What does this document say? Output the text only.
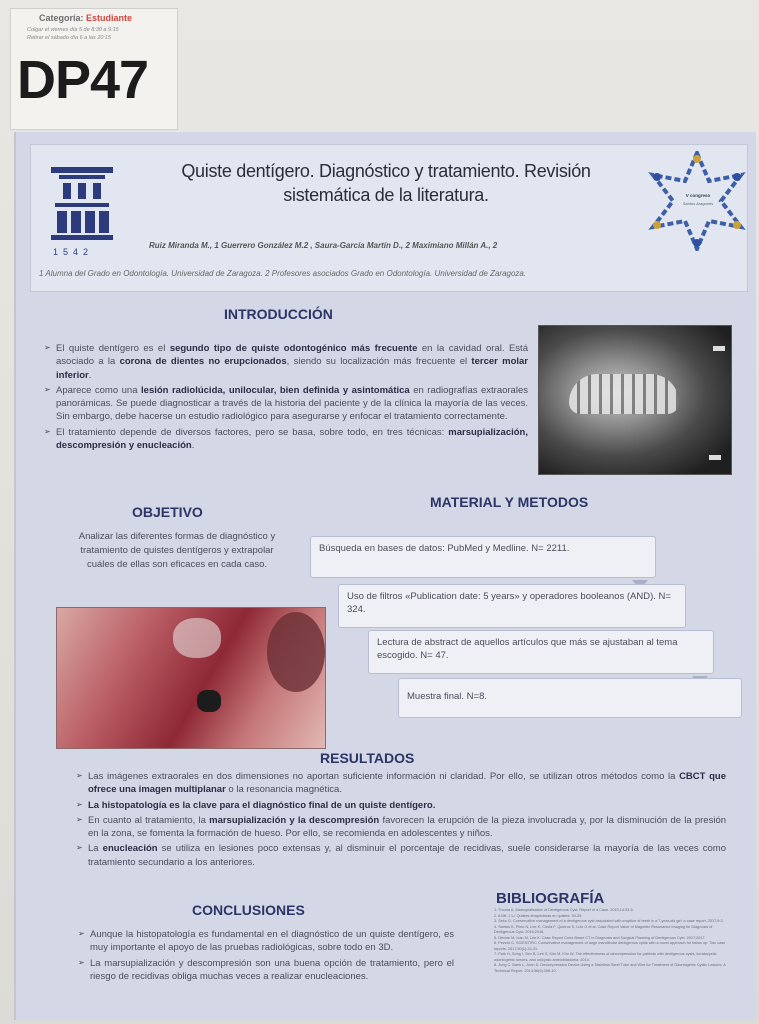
Categoría: Estudiante
Colgar el viernes día 5 de 8:30 a 9:15
Retirar el sábado día 6 a las 20:15
DP47
1542
Quiste dentígero. Diagnóstico y tratamiento. Revisión sistemática de la literatura.
Ruiz Miranda M., 1 Guerrero González M.2 , Saura-García Martín D., 2 Maximiano Millán A., 2
1 Alumna del Grado en Odontología. Universidad de Zaragoza. 2 Profesores asociados Grado en Odontología. Universidad de Zaragoza.
V congreso
Santos Aragonés
INTRODUCCIÓN
➢ El quiste dentígero es el segundo tipo de quiste odontogénico más frecuente en la cavidad oral. Está asociado a la corona de dientes no erupcionados, siendo su localización más frecuente el tercer molar inferior.
➢ Aparece como una lesión radiolúcida, unilocular, bien definida y asintomática en radiografías extraorales panorámicas. Se puede diagnosticar a través de la historia del paciente y de la clínica la mayoría de las veces. Sin embargo, debe hacerse un estudio radiológico para asegurarse y enfocar el tratamiento correctamente.
➢ El tratamiento depende de diversos factores, pero se basa, sobre todo, en tres técnicas: marsupialización, descompresión y enucleación.
OBJETIVO
Analizar las diferentes formas de diagnóstico y tratamiento de quistes dentígeros y extrapolar cuáles de ellas son eficaces en cada caso.
MATERIAL Y METODOS
Búsqueda en bases de datos: PubMed y Medline. N= 2211.
Uso de filtros «Publication date: 5 years» y operadores booleanos (AND). N= 324.
Lectura de abstract de aquellos artículos que más se ajustaban al tema escogido. N= 47.
Muestra final. N=8.
RESULTADOS
➢ Las imágenes extraorales en dos dimensiones no aportan suficiente información ni claridad. Por ello, se utilizan otros métodos como la CBCT que ofrece una imagen multiplanar o la resonancia magnética.
➢ La histopatología es la clave para el diagnóstico final de un quiste dentígero.
➢ En cuanto al tratamiento, la marsupialización y la descompresión favorecen la erupción de la pieza involucrada y, por la disminución de la presión en la zona, se fomenta la formación de hueso. Por ello, se recomienda en adolescentes y niños.
➢ La enucleación se utiliza en lesiones poco extensas y, al disminuir el porcentaje de recidivas, suele considerarse la mayoría de las veces como tratamiento secundario a los anteriores.
CONCLUSIONES
➢ Aunque la histopatología es fundamental en el diagnóstico de un quiste dentígero, es muy importante el apoyo de las pruebas radiológicas, sobre todo en 3D.
➢ La marsupialización y descompresión son una buena opción de tratamiento, pero el riesgo de recidivas obliga muchas veces a realizar enucleaciones.
BIBLIOGRAFÍA
1. Thoma A. Marsupialization of Dentigerous Cyst: Report of a Case. 2015;14:33-5.
2. A Mit, J Li. Quistes terapéuticas en quistes. 30-39.
3. Seko G. Conservative management of a dentigerous cyst associated with eruption of teeth in a 7-year-old girl: a case report. 2017;5:3.
4. Santos K, Pinto N, Lee K, Costa F, Queiroz S, Luiz G et al. Case Report Value of Magnetic Resonance Imaging for Diagnosis of Dentigerous Cyst. 2016;2016.
5. Devine M, Ivan M, Lee K. Case Report Cone Beam CT in Diagnosis and Surgical Planning of Dentigerous Cyst. 2017;2017.
6. Pezent C. SCIENTIFIC Conservative management of large mandibular dentigerous cysts with a novel approach for follow up: Two case reports. 2017;30(1):24-31.
7. Park H, Song I, Seo B, Lee S, Kim M, Kim W. The effectiveness of decompression for patients with dentigerous cysts, keratocystic odontogenic tumors, and unicystic ameloblastoma. 2014.
8. Jung C, Baek L, Jeon D. Decompression Device Using a Stainless Steel Tube and Wire for Treatment of Odontogenic Cystic Lesions: A Technical Report. 2014;36(6):398-10.
